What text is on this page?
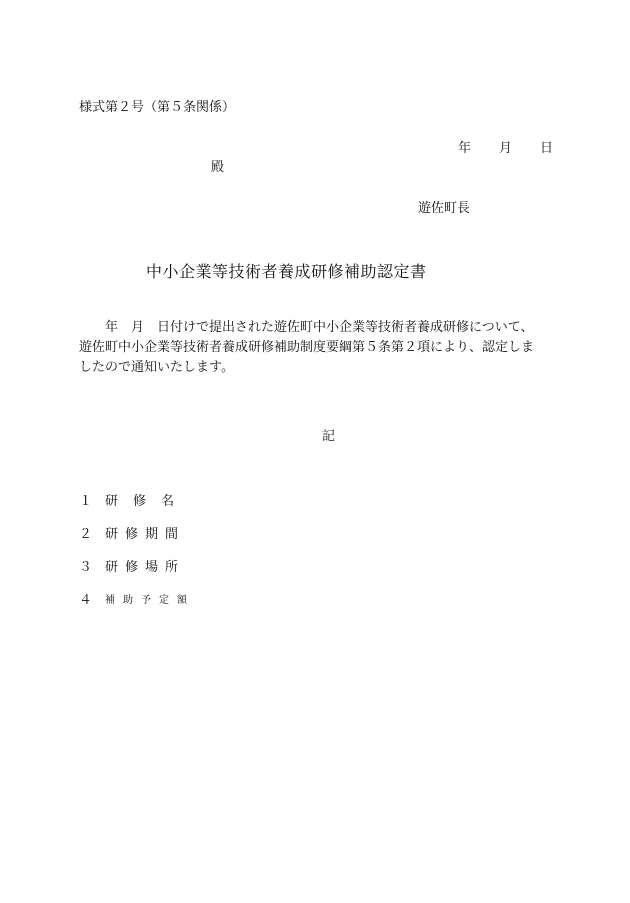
様式第２号（第５条関係）
年 月 日
殿
遊佐町長
中小企業等技術者養成研修補助認定書
年　月　日付けで提出された遊佐町中小企業等技術者養成研修について、
遊佐町中小企業等技術者養成研修補助制度要綱第５条第２項により、認定しま
したので通知いたします。
記
１ 研修名
２ 研修期間
３ 研修場所
４	補助予定額
